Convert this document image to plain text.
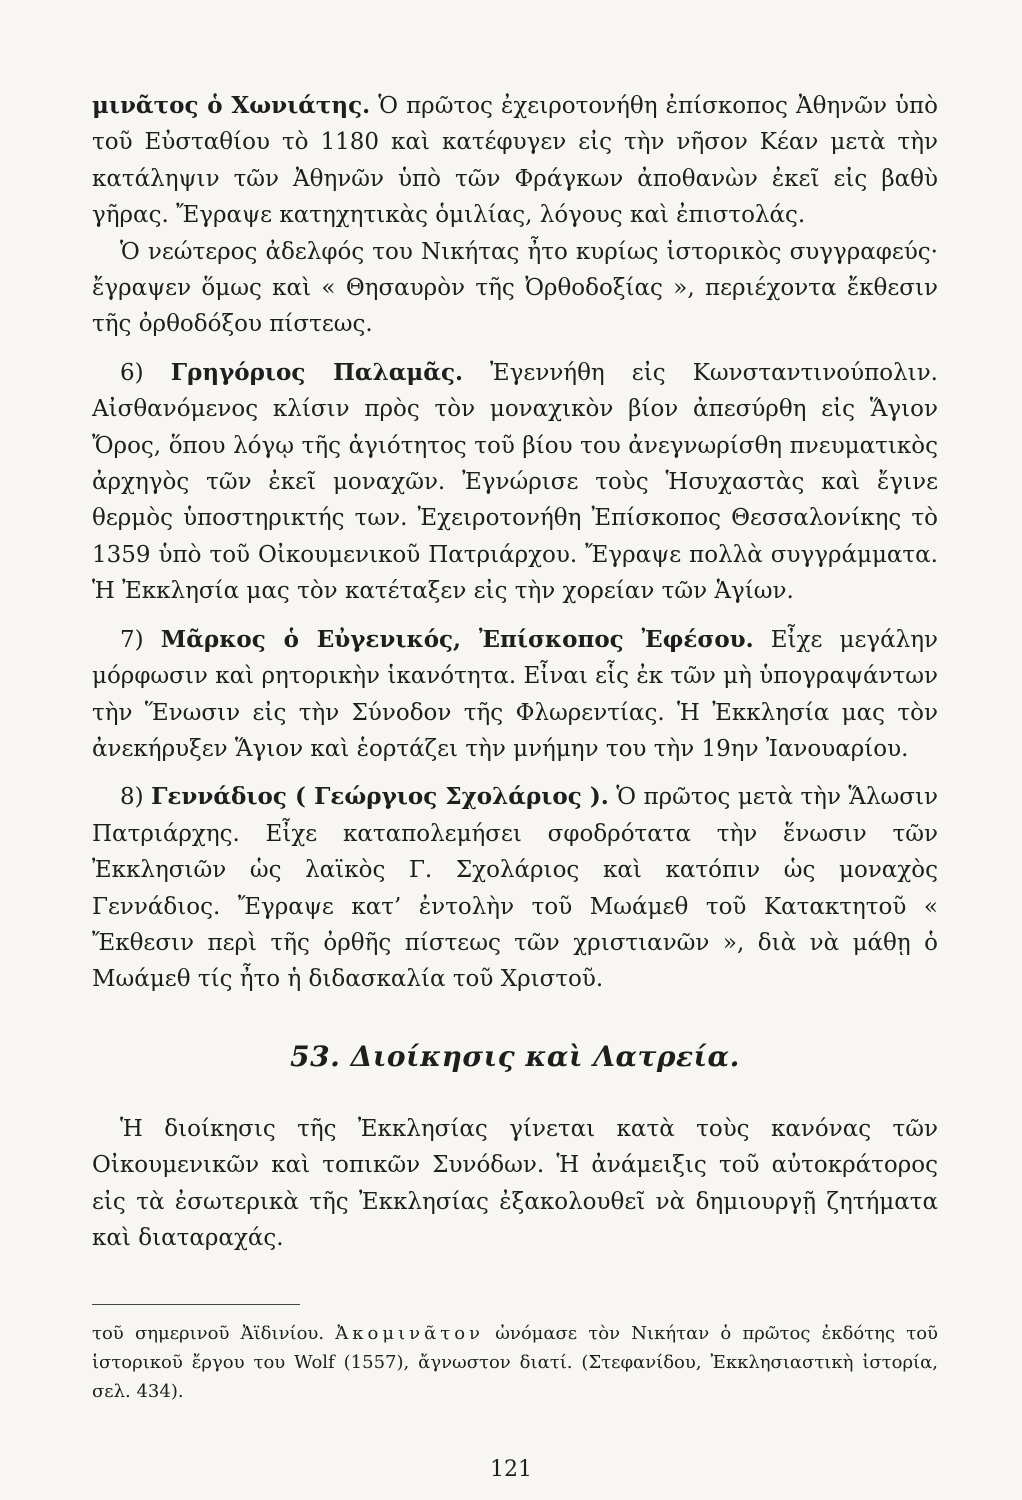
μινᾶτος ὁ Χωνιάτης. Ὁ πρῶτος ἐχειροτονήθη ἐπίσκοπος Ἀθηνῶν ὑπὸ τοῦ Εὐσταθίου τὸ 1180 καὶ κατέφυγεν εἰς τὴν νῆσον Κέαν μετὰ τὴν κατάληψιν τῶν Ἀθηνῶν ὑπὸ τῶν Φράγκων ἀποθανὼν ἐκεῖ εἰς βαθὺ γῆρας. Ἔγραψε κατηχητικὰς ὁμιλίας, λόγους καὶ ἐπιστολάς.

Ὁ νεώτερος ἀδελφός του Νικήτας ἦτο κυρίως ἱστορικὸς συγγραφεύς· ἔγραψεν ὅμως καὶ « Θησαυρὸν τῆς Ὀρθοδοξίας », περιέχοντα ἔκθεσιν τῆς ὀρθοδόξου πίστεως.

6) Γρηγόριος Παλαμᾶς. Ἐγεννήθη εἰς Κωνσταντινούπολιν. Αἰσθανόμενος κλίσιν πρὸς τὸν μοναχικὸν βίον ἀπεσύρθη εἰς Ἅγιον Ὄρος, ὅπου λόγῳ τῆς ἁγιότητος τοῦ βίου του ἀνεγνωρίσθη πνευματικὸς ἀρχηγὸς τῶν ἐκεῖ μοναχῶν. Ἐγνώρισε τοὺς Ἡσυχαστὰς καὶ ἔγινε θερμὸς ὑποστηρικτής των. Ἐχειροτονήθη Ἐπίσκοπος Θεσσαλονίκης τὸ 1359 ὑπὸ τοῦ Οἰκουμενικοῦ Πατριάρχου. Ἔγραψε πολλὰ συγγράμματα. Ἡ Ἐκκλησία μας τὸν κατέταξεν εἰς τὴν χορείαν τῶν Ἁγίων.

7) Μᾶρκος ὁ Εὐγενικός, Ἐπίσκοπος Ἐφέσου. Εἶχε μεγάλην μόρφωσιν καὶ ρητορικὴν ἱκανότητα. Εἶναι εἷς ἐκ τῶν μὴ ὑπογραψάντων τὴν Ἕνωσιν εἰς τὴν Σύνοδον τῆς Φλωρεντίας. Ἡ Ἐκκλησία μας τὸν ἀνεκήρυξεν Ἅγιον καὶ ἑορτάζει τὴν μνήμην του τὴν 19ην Ἰανουαρίου.

8) Γεννάδιος ( Γεώργιος Σχολάριος ). Ὁ πρῶτος μετὰ τὴν Ἅλωσιν Πατριάρχης. Εἶχε καταπολεμήσει σφοδρότατα τὴν ἕνωσιν τῶν Ἐκκλησιῶν ὡς λαϊκὸς Γ. Σχολάριος καὶ κατόπιν ὡς μοναχὸς Γεννάδιος. Ἔγραψε κατ’ ἐντολὴν τοῦ Μωάμεθ τοῦ Κατακτητοῦ « Ἔκθεσιν περὶ τῆς ὀρθῆς πίστεως τῶν χριστιανῶν », διὰ νὰ μάθῃ ὁ Μωάμεθ τίς ἦτο ἡ διδασκαλία τοῦ Χριστοῦ.

53. Διοίκησις καὶ Λατρεία.

Ἡ διοίκησις τῆς Ἐκκλησίας γίνεται κατὰ τοὺς κανόνας τῶν Οἰκουμενικῶν καὶ τοπικῶν Συνόδων. Ἡ ἀνάμειξις τοῦ αὐτοκράτορος εἰς τὰ ἐσωτερικὰ τῆς Ἐκκλησίας ἐξακολουθεῖ νὰ δημιουργῇ ζητήματα καὶ διαταραχάς.

τοῦ σημερινοῦ Ἀϊδινίου. Ἀκομινᾶτον ὠνόμασε τὸν Νικήταν ὁ πρῶτος ἐκδότης τοῦ ἱστορικοῦ ἔργου του Wolf (1557), ἄγνωστον διατί. (Στεφανίδου, Ἐκκλησιαστικὴ ἱστορία, σελ. 434).

121
